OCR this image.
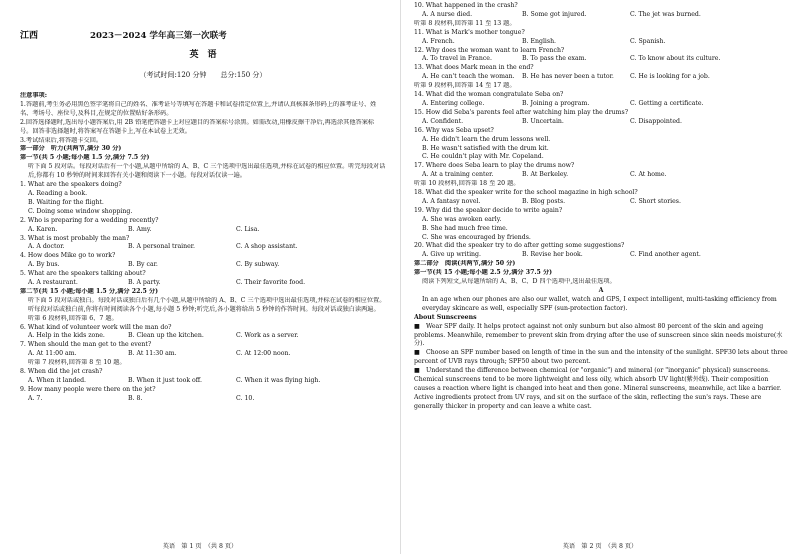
江西	2023－2024 学年高三第一次联考
英　语
（考试时间:120 分钟　　总分:150 分）
注意事项:
1.答题前,考生务必用黑色签字笔将自己的姓名、准考证号等填写在答题卡和试卷指定位置上,并请认真核准条形码上的准考证号、姓名、考场号、座位号,及科目,在规定的位置贴好条形码。
2.回答选择题时,选出每小题答案后,用 2B 铅笔把答题卡上对应题目的答案标号涂黑。如需改动,用橡皮擦干净后,再选涂其他答案标号。回答非选择题时,将答案写在答题卡上,写在本试卷上无效。
3.考试结束后,将答题卡交回。
第一部分　听力(共两节,满分 30 分)
第一节(共 5 小题;每小题 1.5 分,满分 7.5 分)
听下面 5 段对话。每段对话后有一个小题,从题中所给的 A、B、C 三个选项中选出最佳选项,并标在试卷的相应位置。听完每段对话后,你都有 10 秒钟的时间来回答有关小题和阅读下一小题。每段对话仅读一遍。
1. What are the speakers doing?
A. Reading a book.
B. Waiting for the flight.
C. Doing some window shopping.
2. Who is preparing for a wedding recently?
A. Karen.	B. Amy.	C. Lisa.
3. What is most probably the man?
A. A doctor.	B. A personal trainer.	C. A shop assistant.
4. How does Mike go to work?
A. By bus.	B. By car.	C. By subway.
5. What are the speakers talking about?
A. A restaurant.	B. A party.	C. Their favorite food.
第二节(共 15 小题;每小题 1.5 分,满分 22.5 分)
听下面 5 段对话或独白。每段对话或独白后有几个小题,从题中所给的 A、B、C 三个选项中选出最佳选项,并标在试卷的相应位置。听每段对话或独白前,你将有时间阅读各个小题,每小题 5 秒钟;听完后,各小题将给出 5 秒钟的作答时间。每段对话或独白读两遍。
听第 6 段材料,回答第 6、7 题。
6. What kind of volunteer work will the man do?
A. Help in the kids zone.	B. Clean up the kitchen.	C. Work as a server.
7. When should the man get to the event?
A. At 11:00 am.	B. At 11:30 am.	C. At 12:00 noon.
听第 7 段材料,回答第 8 至 10 题。
8. When did the jet crash?
A. When it landed.	B. When it just took off.	C. When it was flying high.
9. How many people were there on the jet?
A. 7.	B. 8.	C. 10.
英语　第 1 页　（共 8 页）
10. What happened in the crash?
A. A nurse died.	B. Some got injured.	C. The jet was burned.
听第 8 段材料,回答第 11 至 13 题。
11. What is Mark's mother tongue?
A. French.	B. English.	C. Spanish.
12. Why does the woman want to learn French?
A. To travel in France.	B. To pass the exam.	C. To know about its culture.
13. What does Mark mean in the end?
A. He can't teach the woman.	B. He has never been a tutor.	C. He is looking for a job.
听第 9 段材料,回答第 14 至 17 题。
14. What did the woman congratulate Seba on?
A. Entering college.	B. Joining a program.	C. Getting a certificate.
15. How did Seba's parents feel after watching him play the drums?
A. Confident.	B. Uncertain.	C. Disappointed.
16. Why was Seba upset?
A. He didn't learn the drum lessons well.
B. He wasn't satisfied with the drum kit.
C. He couldn't play with Mr. Copeland.
17. Where does Seba learn to play the drums now?
A. At a training center.	B. At Berkeley.	C. At home.
听第 10 段材料,回答第 18 至 20 题。
18. What did the speaker write for the school magazine in high school?
A. A fantasy novel.	B. Blog posts.	C. Short stories.
19. Why did the speaker decide to write again?
A. She was awoken early.
B. She had much free time.
C. She was encouraged by friends.
20. What did the speaker try to do after getting some suggestions?
A. Give up writing.	B. Revise her book.	C. Find another agent.
第二部分　阅读(共两节,满分 50 分)
第一节(共 15 小题;每小题 2.5 分,满分 37.5 分)
阅读下列短文,从每题所给的 A、B、C、D 四个选项中,选出最佳选项。
A
In an age when our phones are also our wallet, watch and GPS, I expect intelligent, multi-tasking efficiency from everyday skincare as well, especially SPF (sun-protection factor).
About Sunscreens
■　Wear SPF daily. It helps protect against not only sunburn but also almost 80 percent of the skin and ageing problems. Meanwhile, remember to prevent skin from drying after the use of sunscreen since skin needs moisture(水分).
■　Choose an SPF number based on length of time in the sun and the intensity of the sunlight. SPF30 lets about three percent of UVB rays through; SPF50 about two percent.
■　Understand the difference between chemical (or "organic") and mineral (or "inorganic" physical) sunscreens. Chemical sunscreens tend to be more lightweight and less oily, which absorb UV light(紫外线). Their composition causes a reaction where light is changed into heat and then gone. Mineral sunscreens, meanwhile, act like a barrier. Active ingredients protect from UV rays, and sit on the surface of the skin, reflecting the sun's rays. These are generally thicker in property and can leave a white cast.
英语　第 2 页　（共 8 页）
